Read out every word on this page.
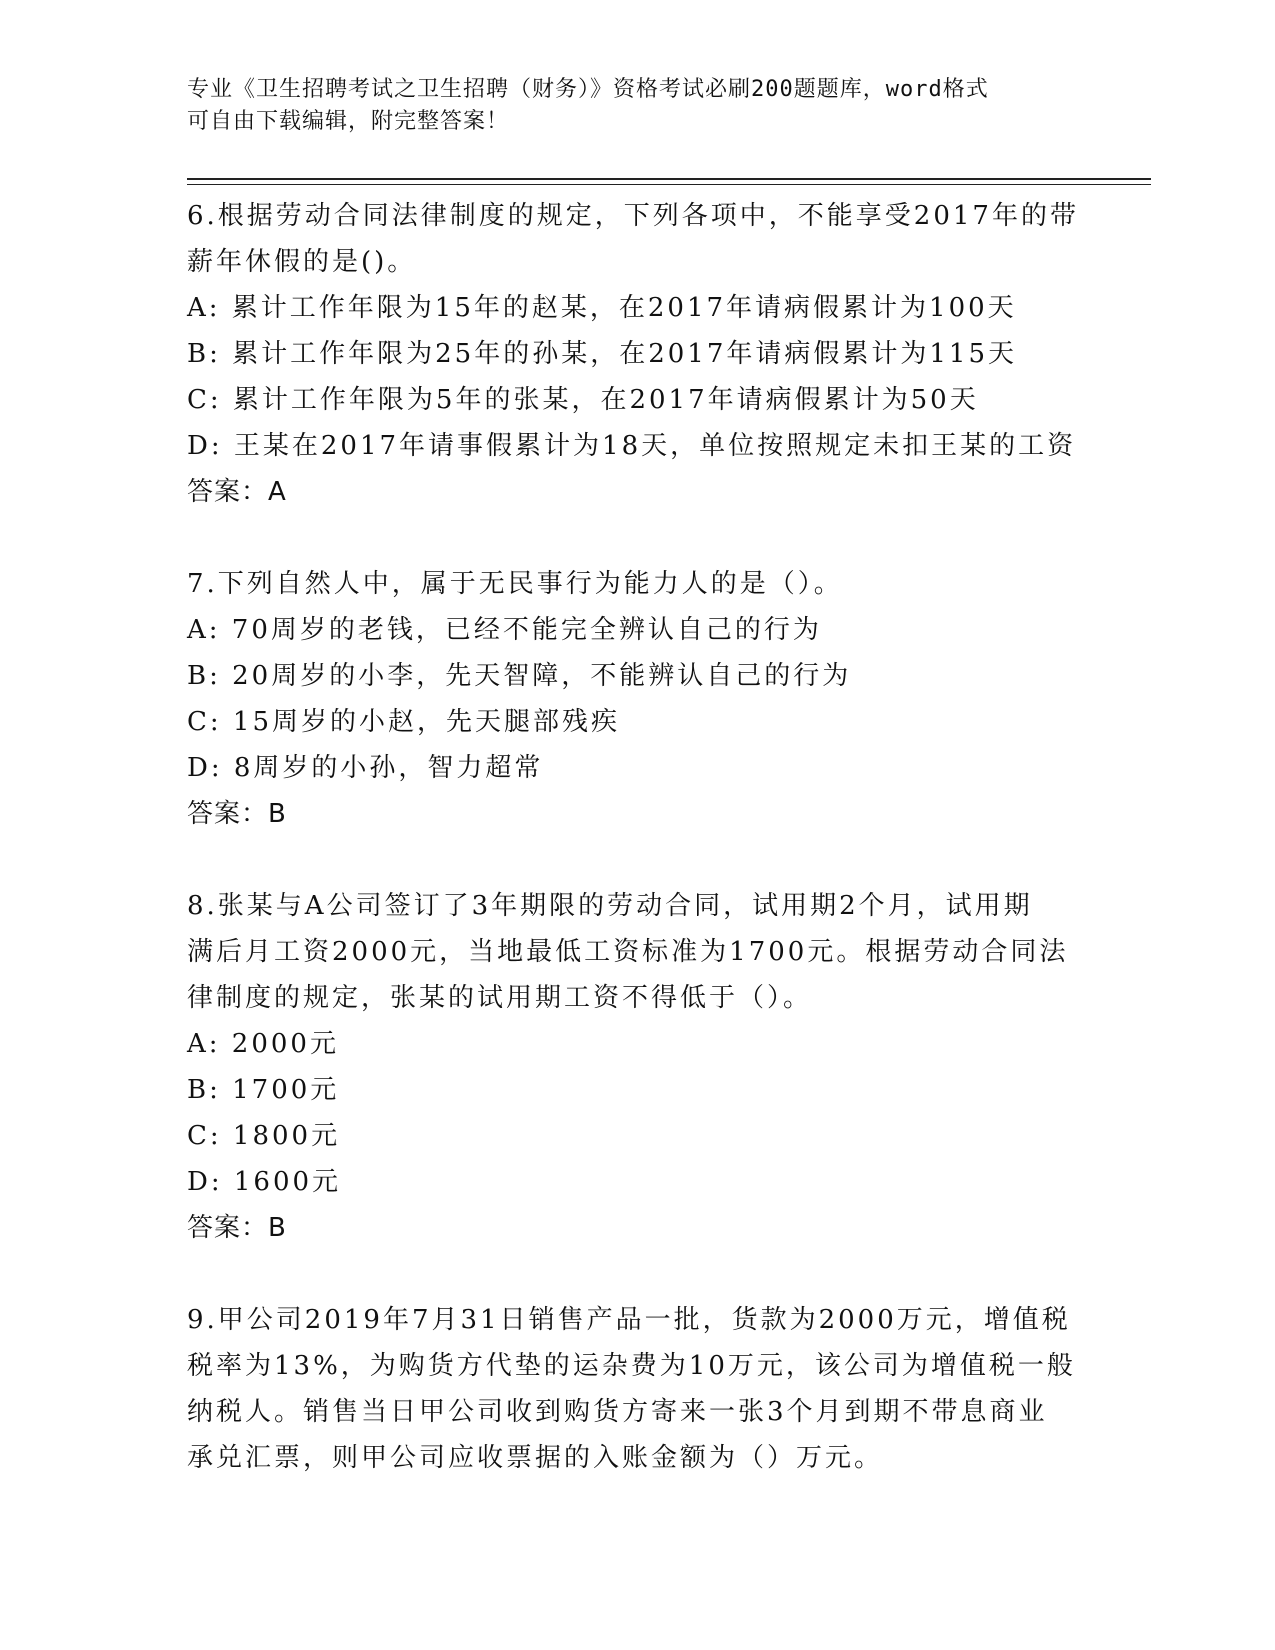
专业《卫生招聘考试之卫生招聘（财务）》资格考试必刷200题题库，word格式
可自由下载编辑，附完整答案！

6.根据劳动合同法律制度的规定，下列各项中，不能享受2017年的带

薪年休假的是()。

A: 累计工作年限为15年的赵某，在2017年请病假累计为100天

B: 累计工作年限为25年的孙某，在2017年请病假累计为115天

C: 累计工作年限为5年的张某，在2017年请病假累计为50天

D: 王某在2017年请事假累计为18天，单位按照规定未扣王某的工资

答案：A

7.下列自然人中，属于无民事行为能力人的是（）。

A: 70周岁的老钱，已经不能完全辨认自己的行为

B: 20周岁的小李，先天智障，不能辨认自己的行为

C: 15周岁的小赵，先天腿部残疾

D: 8周岁的小孙，智力超常

答案：B

8.张某与A公司签订了3年期限的劳动合同，试用期2个月，试用期

满后月工资2000元，当地最低工资标准为1700元。根据劳动合同法

律制度的规定，张某的试用期工资不得低于（）。

A: 2000元

B: 1700元

C: 1800元

D: 1600元

答案：B

9.甲公司2019年7月31日销售产品一批，货款为2000万元，增值税

税率为13%，为购货方代垫的运杂费为10万元，该公司为增值税一般

纳税人。销售当日甲公司收到购货方寄来一张3个月到期不带息商业

承兑汇票，则甲公司应收票据的入账金额为（）万元。
